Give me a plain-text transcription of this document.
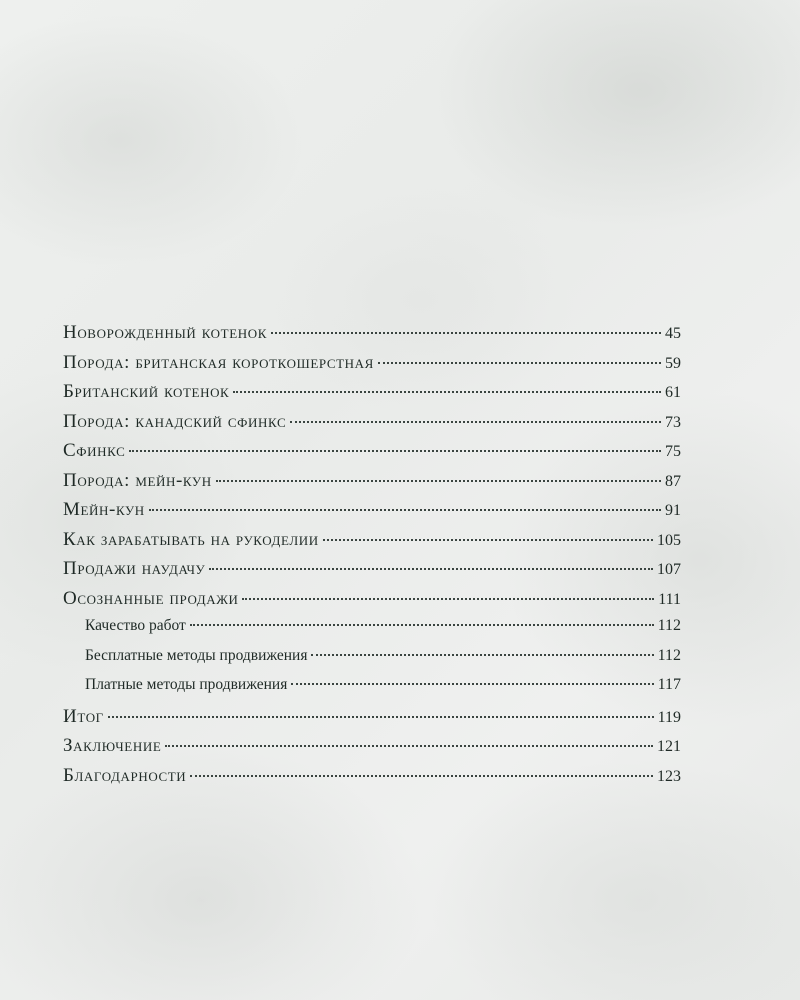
Новорожденный котенок	45
Порода: британская короткошерстная	59
Британский котенок	61
Порода: канадский сфинкс	73
Сфинкс	75
Порода: мейн-кун	87
Мейн-кун	91
Как зарабатывать на рукоделии	105
Продажи наудачу	107
Осознанные продажи	111
Качество работ	112
Бесплатные методы продвижения	112
Платные методы продвижения	117
Итог	119
Заключение	121
Благодарности	123
